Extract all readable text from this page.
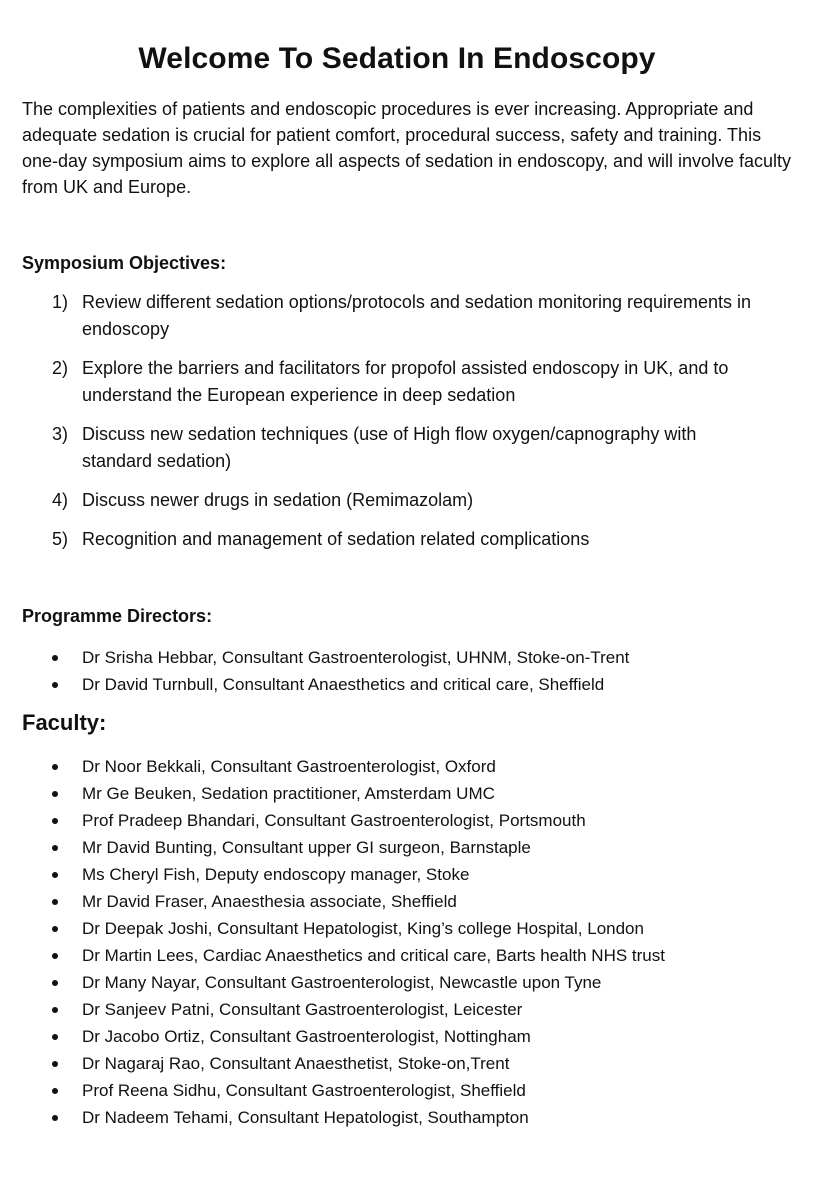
Welcome To Sedation In Endoscopy

The complexities of patients and endoscopic procedures is ever increasing. Appropriate and adequate sedation is crucial for patient comfort, procedural success, safety and training. This one-day symposium aims to explore all aspects of sedation in endoscopy, and will involve faculty from UK and Europe.

Symposium Objectives:
1) Review different sedation options/protocols and sedation monitoring requirements in endoscopy
2) Explore the barriers and facilitators for propofol assisted endoscopy in UK, and to understand the European experience in deep sedation
3) Discuss new sedation techniques (use of High flow oxygen/capnography with standard sedation)
4) Discuss newer drugs in sedation (Remimazolam)
5) Recognition and management of sedation related complications
Programme Directors:
Dr Srisha Hebbar, Consultant Gastroenterologist, UHNM, Stoke-on-Trent
Dr David Turnbull, Consultant Anaesthetics and critical care, Sheffield
Faculty:
Dr Noor Bekkali, Consultant Gastroenterologist, Oxford
Mr Ge Beuken, Sedation practitioner, Amsterdam UMC
Prof Pradeep Bhandari, Consultant Gastroenterologist, Portsmouth
Mr David Bunting, Consultant upper GI surgeon, Barnstaple
Ms Cheryl Fish, Deputy endoscopy manager, Stoke
Mr David Fraser, Anaesthesia associate, Sheffield
Dr Deepak Joshi, Consultant Hepatologist, King’s college Hospital, London
Dr Martin Lees, Cardiac Anaesthetics and critical care, Barts health NHS trust
Dr Many Nayar, Consultant Gastroenterologist, Newcastle upon Tyne
Dr Sanjeev Patni, Consultant Gastroenterologist, Leicester
Dr Jacobo Ortiz, Consultant Gastroenterologist, Nottingham
Dr Nagaraj Rao, Consultant Anaesthetist, Stoke-on,Trent
Prof Reena Sidhu, Consultant Gastroenterologist, Sheffield
Dr Nadeem Tehami, Consultant Hepatologist, Southampton
